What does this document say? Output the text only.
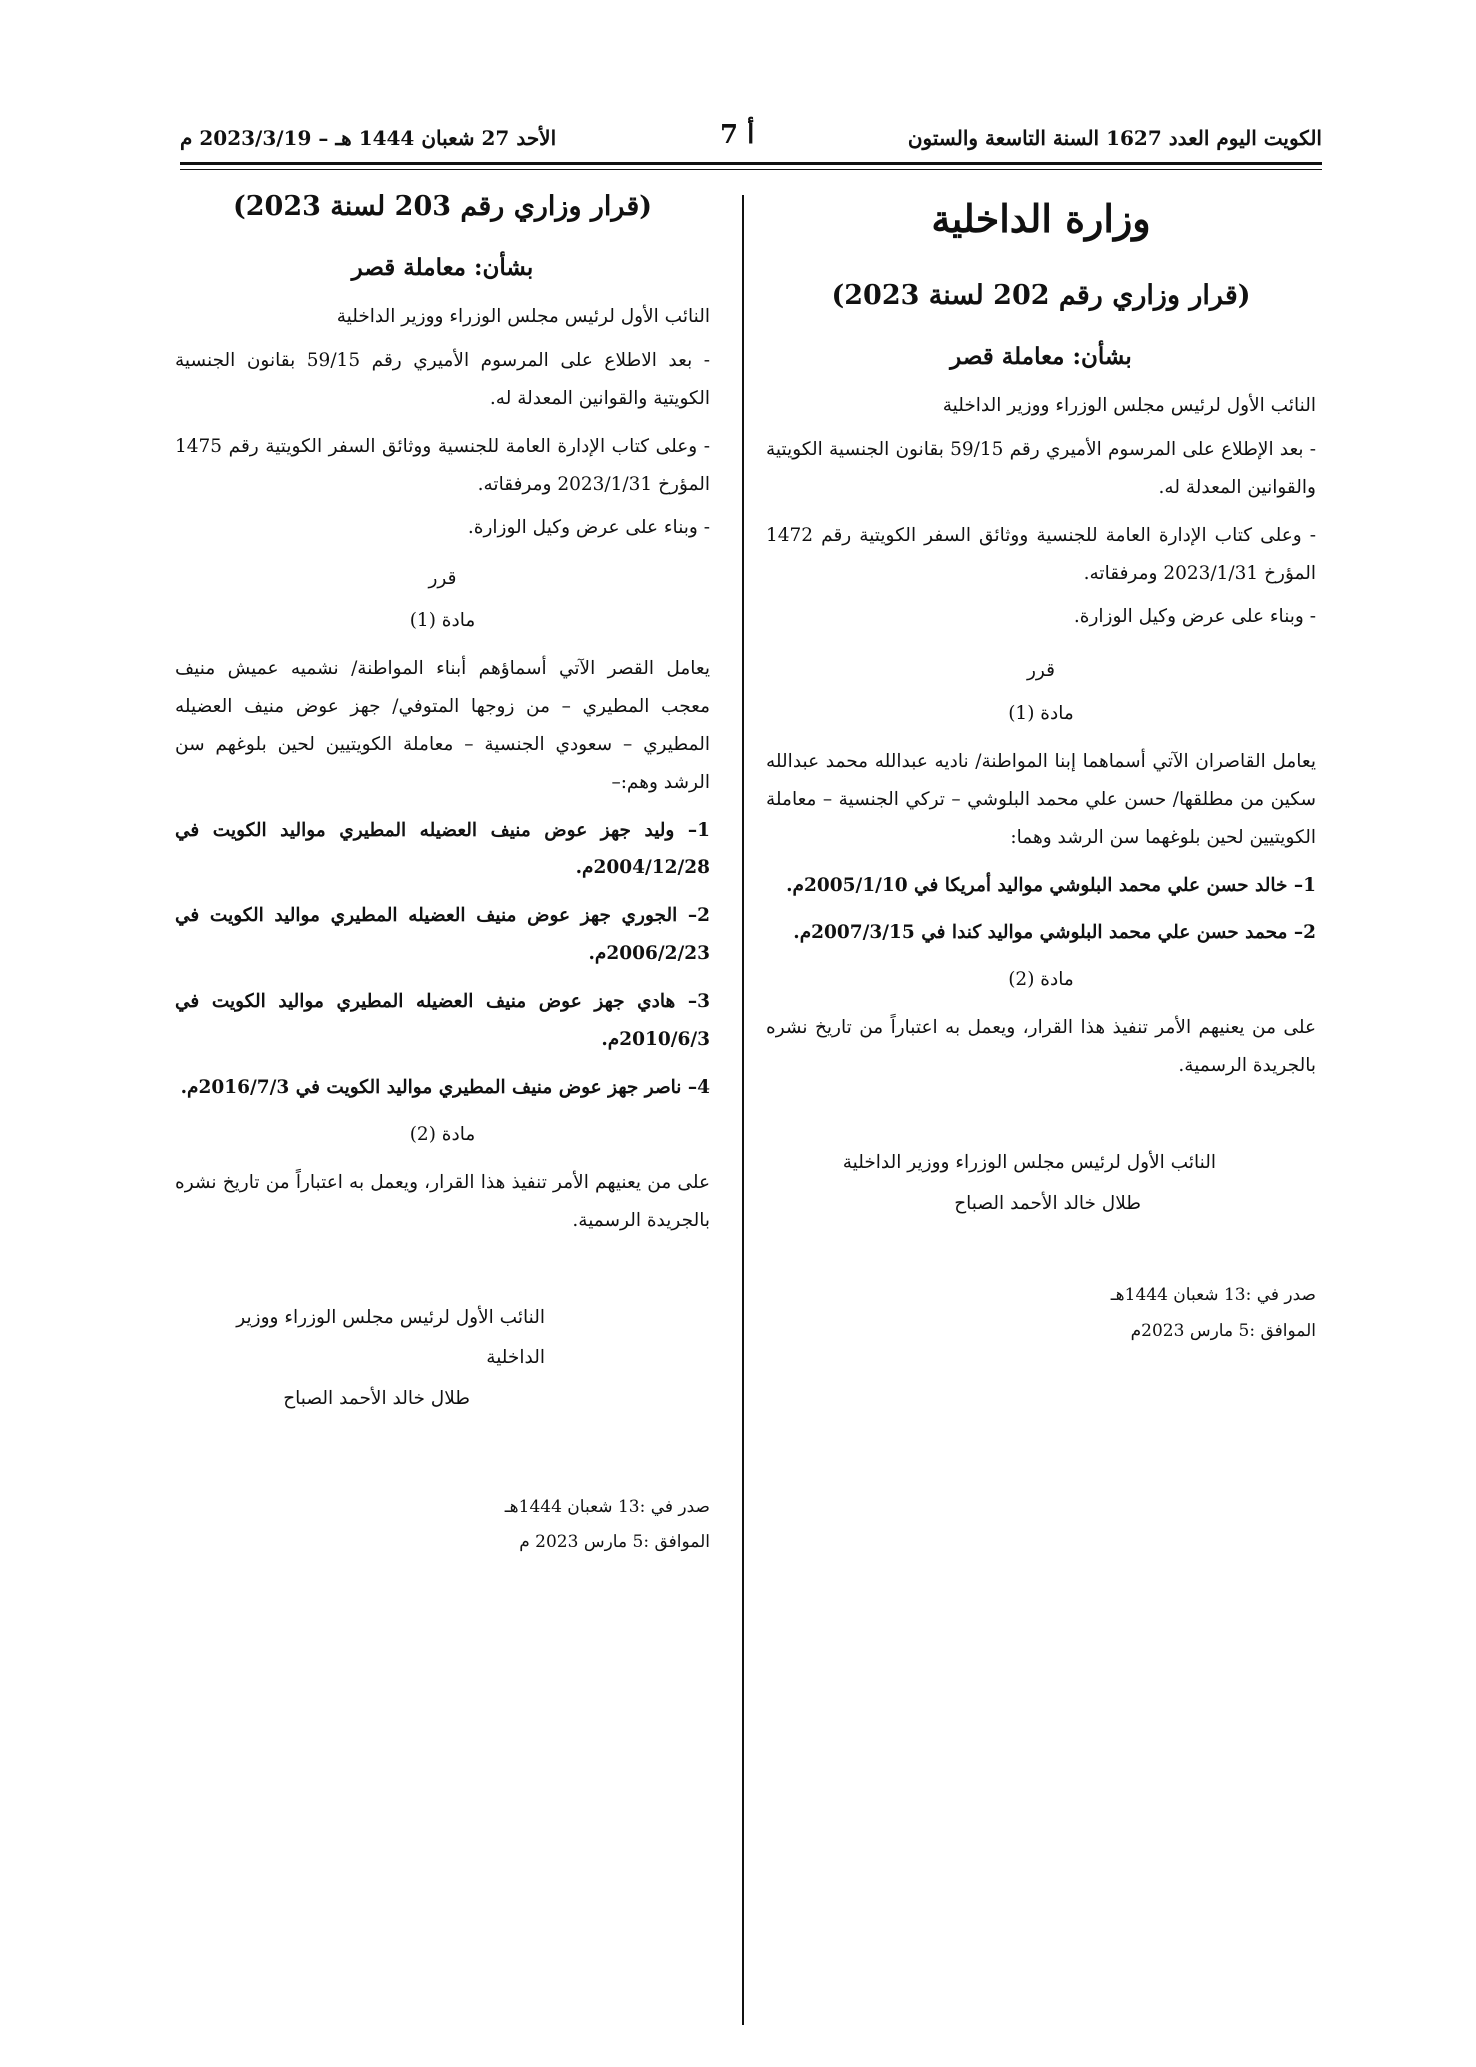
الكويت اليوم العدد 1627 السنة التاسعة والستون
أ 7
الأحد 27 شعبان 1444 هـ – 2023/3/19 م
وزارة الداخلية
(قرار وزاري رقم 202 لسنة 2023)
بشأن: معاملة قصر
النائب الأول لرئيس مجلس الوزراء ووزير الداخلية
- بعد الإطلاع على المرسوم الأميري رقم 59/15 بقانون الجنسية الكويتية والقوانين المعدلة له.
- وعلى كتاب الإدارة العامة للجنسية ووثائق السفر الكويتية رقم 1472 المؤرخ 2023/1/31 ومرفقاته.
- وبناء على عرض وكيل الوزارة.
قرر
مادة (1)
يعامل القاصران الآتي أسماهما إبنا المواطنة/ ناديه عبدالله محمد عبدالله سكين من مطلقها/ حسن علي محمد البلوشي – تركي الجنسية – معاملة الكويتيين لحين بلوغهما سن الرشد وهما:
1– خالد حسن علي محمد البلوشي مواليد أمريكا في 2005/1/10م.
2– محمد حسن علي محمد البلوشي مواليد كندا في 2007/3/15م.
مادة (2)
على من يعنيهم الأمر تنفيذ هذا القرار، ويعمل به اعتباراً من تاريخ نشره بالجريدة الرسمية.
النائب الأول لرئيس مجلس الوزراء ووزير الداخلية
طلال خالد الأحمد الصباح
صدر في :13 شعبان 1444هـ
الموافق :5 مارس 2023م
(قرار وزاري رقم 203 لسنة 2023)
بشأن: معاملة قصر
النائب الأول لرئيس مجلس الوزراء ووزير الداخلية
- بعد الاطلاع على المرسوم الأميري رقم 59/15 بقانون الجنسية الكويتية والقوانين المعدلة له.
- وعلى كتاب الإدارة العامة للجنسية ووثائق السفر الكويتية رقم 1475 المؤرخ 2023/1/31 ومرفقاته.
- وبناء على عرض وكيل الوزارة.
قرر
مادة (1)
يعامل القصر الآتي أسماؤهم أبناء المواطنة/ نشميه عميش منيف معجب المطيري – من زوجها المتوفي/ جهز عوض منيف العضيله المطيري – سعودي الجنسية – معاملة الكويتيين لحين بلوغهم سن الرشد وهم:–
1– وليد جهز عوض منيف العضيله المطيري مواليد الكويت في 2004/12/28م.
2– الجوري جهز عوض منيف العضيله المطيري مواليد الكويت في 2006/2/23م.
3– هادي جهز عوض منيف العضيله المطيري مواليد الكويت في 2010/6/3م.
4– ناصر جهز عوض منيف المطيري مواليد الكويت في 2016/7/3م.
مادة (2)
على من يعنيهم الأمر تنفيذ هذا القرار، ويعمل به اعتباراً من تاريخ نشره بالجريدة الرسمية.
النائب الأول لرئيس مجلس الوزراء ووزير الداخلية
طلال خالد الأحمد الصباح
صدر في :13 شعبان 1444هـ
الموافق :5 مارس 2023 م
